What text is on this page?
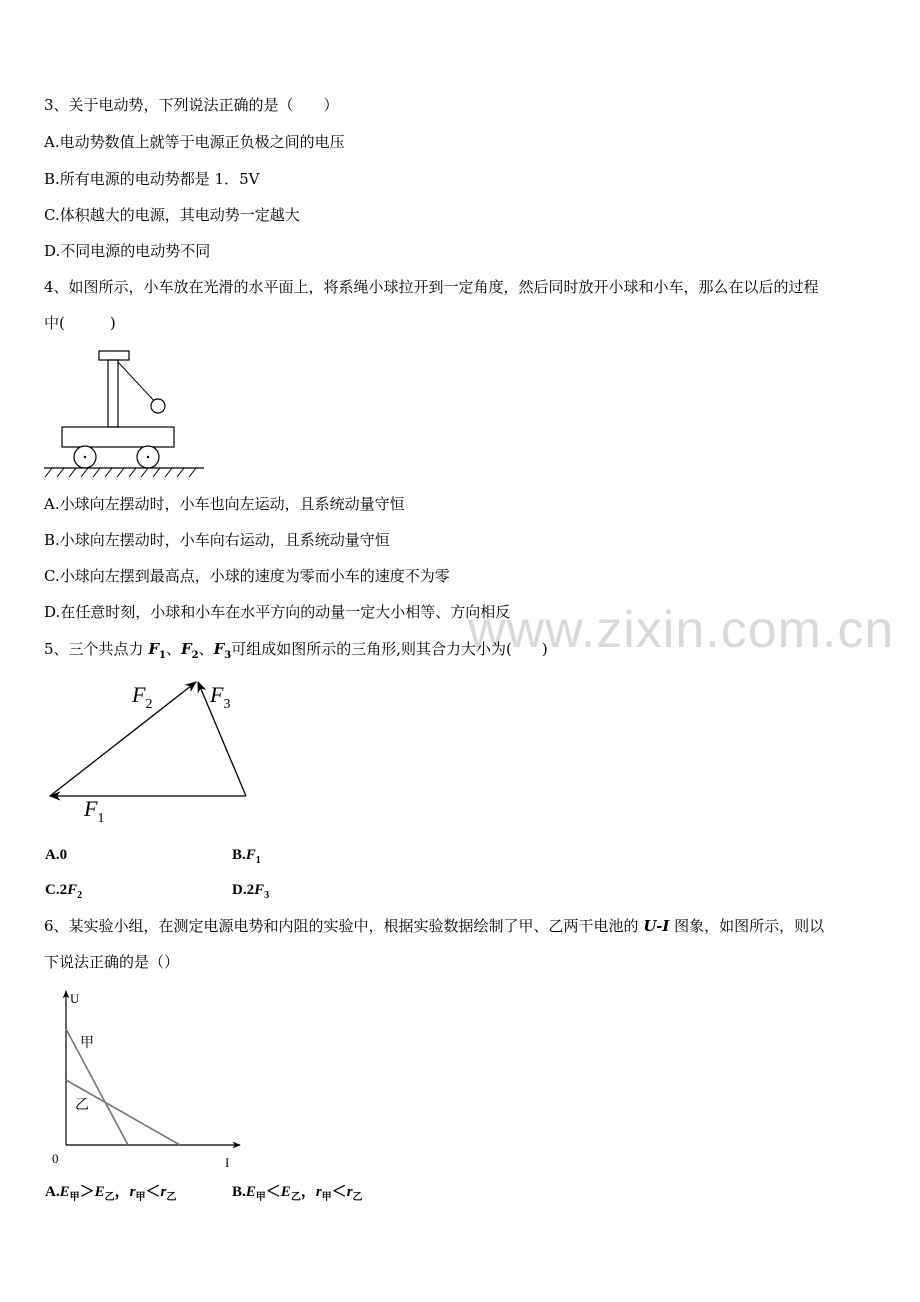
www.zixin.com.cn
3、关于电动势，下列说法正确的是（　　）
A.电动势数值上就等于电源正负极之间的电压
B.所有电源的电动势都是 1．5V
C.体积越大的电源，其电动势一定越大
D.不同电源的电动势不同
4、如图所示，小车放在光滑的水平面上，将系绳小球拉开到一定角度，然后同时放开小球和小车，那么在以后的过程
中(　　　)
A.小球向左摆动时，小车也向左运动，且系统动量守恒
B.小球向左摆动时，小车向右运动，且系统动量守恒
C.小球向左摆到最高点，小球的速度为零而小车的速度不为零
D.在任意时刻，小球和小车在水平方向的动量一定大小相等、方向相反
5、三个共点力 $F_1$、$F_2$、$F_3$可组成如图所示的三角形,则其合力大小为(　　)
$F_2$	$F_3$
$F_1$
A.0	$B.F_1$
$C.2F_2$	$D.2F_3$
6、某实验小组，在测定电源电势和内阻的实验中，根据实验数据绘制了甲、乙两干电池的 U-I 图象，如图所示，则以
下说法正确的是（）
U
I
0
甲
乙
$A.E_甲>E_乙$，$r_甲<r_乙$	$B.E_甲<E_乙$，$r_甲<r_乙$
